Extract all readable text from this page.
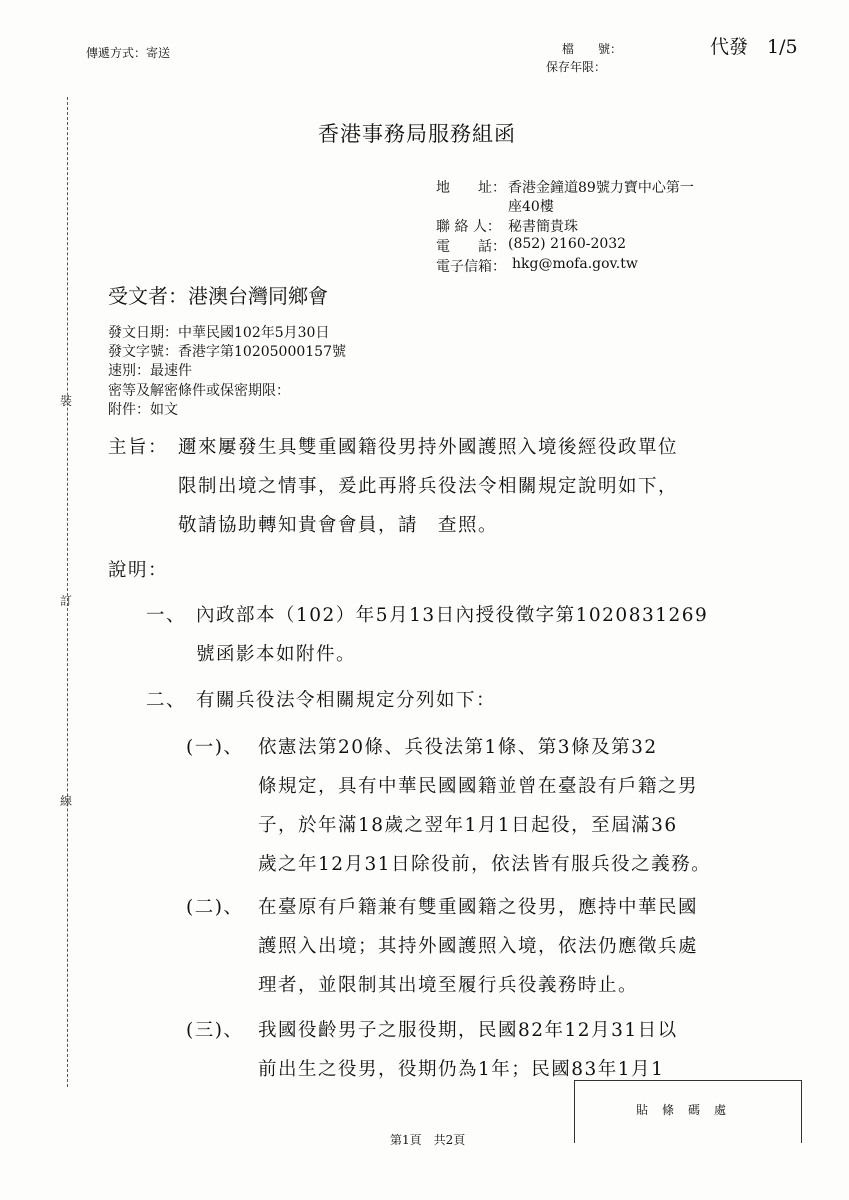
傳遞方式：寄送	檔　　號：
保存年限：
代發　1/5
裝
訂
線
香港事務局服務組函
地　　址： 香港金鐘道89號力寶中心第一
座40樓
聯 絡 人： 秘書簡貴珠
電　　話： (852) 2160-2032
電子信箱： hkg@mofa.gov.tw
受文者：港澳台灣同鄉會
發文日期：中華民國102年5月30日
發文字號：香港字第10205000157號
速別：最速件
密等及解密條件或保密期限：
附件：如文
主旨： 邇來屢發生具雙重國籍役男持外國護照入境後經役政單位
限制出境之情事，爰此再將兵役法令相關規定說明如下，
敬請協助轉知貴會會員，請　查照。
說明：
一、 內政部本（102）年5月13日內授役徵字第1020831269
號函影本如附件。
二、 有關兵役法令相關規定分列如下：
(一)、 依憲法第20條、兵役法第1條、第3條及第32
條規定，具有中華民國國籍並曾在臺設有戶籍之男
子，於年滿18歲之翌年1月1日起役，至屆滿36
歲之年12月31日除役前，依法皆有服兵役之義務。
(二)、 在臺原有戶籍兼有雙重國籍之役男，應持中華民國
護照入出境；其持外國護照入境，依法仍應徵兵處
理者，並限制其出境至履行兵役義務時止。
(三)、 我國役齡男子之服役期，民國82年12月31日以
前出生之役男，役期仍為1年；民國83年1月1
貼條碼處
第1頁　共2頁
